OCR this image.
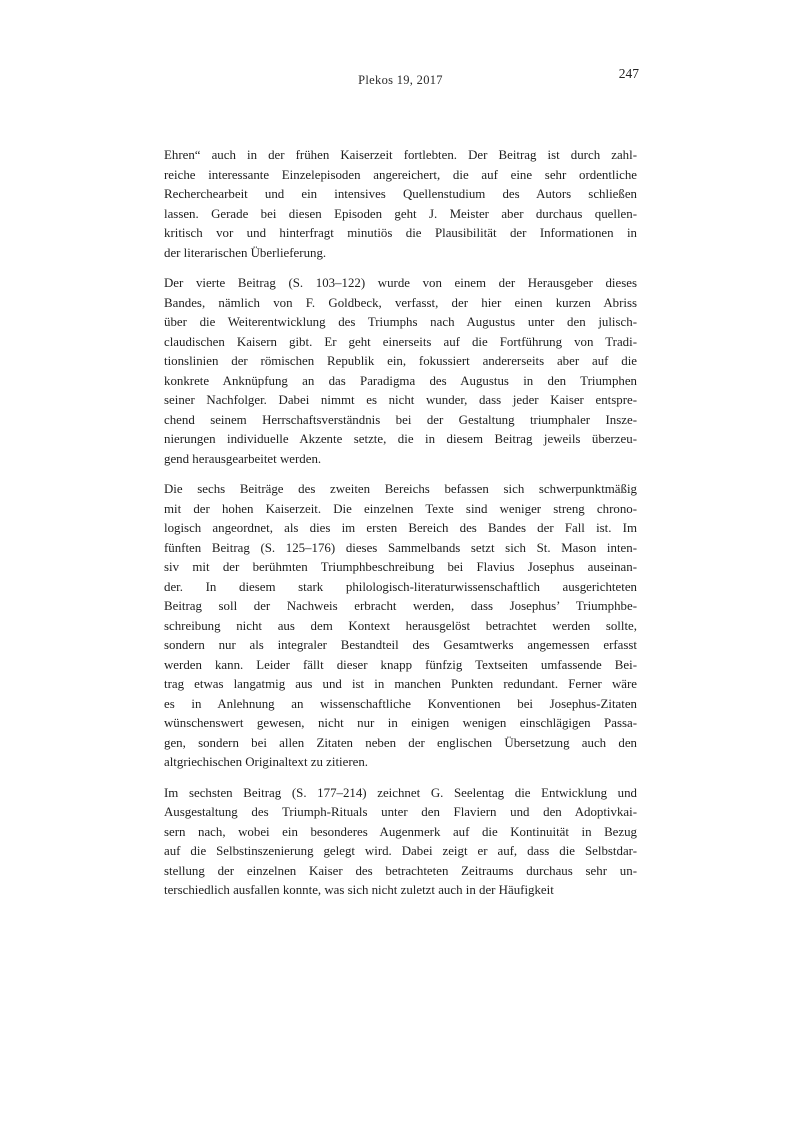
Plekos 19, 2017	247
Ehren“ auch in der frühen Kaiserzeit fortlebten. Der Beitrag ist durch zahl-
reiche interessante Einzelepisoden angereichert, die auf eine sehr ordentliche
Recherchearbeit und ein intensives Quellenstudium des Autors schließen
lassen. Gerade bei diesen Episoden geht J. Meister aber durchaus quellen-
kritisch vor und hinterfragt minutiös die Plausibilität der Informationen in
der literarischen Überlieferung.
Der vierte Beitrag (S. 103–122) wurde von einem der Herausgeber dieses
Bandes, nämlich von F. Goldbeck, verfasst, der hier einen kurzen Abriss
über die Weiterentwicklung des Triumphs nach Augustus unter den julisch-
claudischen Kaisern gibt. Er geht einerseits auf die Fortführung von Tradi-
tionslinien der römischen Republik ein, fokussiert andererseits aber auf die
konkrete Anknüpfung an das Paradigma des Augustus in den Triumphen
seiner Nachfolger. Dabei nimmt es nicht wunder, dass jeder Kaiser entspre-
chend seinem Herrschaftsverständnis bei der Gestaltung triumphaler Insze-
nierungen individuelle Akzente setzte, die in diesem Beitrag jeweils überzeu-
gend herausgearbeitet werden.
Die sechs Beiträge des zweiten Bereichs befassen sich schwerpunktmäßig
mit der hohen Kaiserzeit. Die einzelnen Texte sind weniger streng chrono-
logisch angeordnet, als dies im ersten Bereich des Bandes der Fall ist. Im
fünften Beitrag (S. 125–176) dieses Sammelbands setzt sich St. Mason inten-
siv mit der berühmten Triumphbeschreibung bei Flavius Josephus auseinan-
der. In diesem stark philologisch-literaturwissenschaftlich ausgerichteten
Beitrag soll der Nachweis erbracht werden, dass Josephus’ Triumphbe-
schreibung nicht aus dem Kontext herausgelöst betrachtet werden sollte,
sondern nur als integraler Bestandteil des Gesamtwerks angemessen erfasst
werden kann. Leider fällt dieser knapp fünfzig Textseiten umfassende Bei-
trag etwas langatmig aus und ist in manchen Punkten redundant. Ferner wäre
es in Anlehnung an wissenschaftliche Konventionen bei Josephus-Zitaten
wünschenswert gewesen, nicht nur in einigen wenigen einschlägigen Passa-
gen, sondern bei allen Zitaten neben der englischen Übersetzung auch den
altgriechischen Originaltext zu zitieren.
Im sechsten Beitrag (S. 177–214) zeichnet G. Seelentag die Entwicklung und
Ausgestaltung des Triumph-Rituals unter den Flaviern und den Adoptivkai-
sern nach, wobei ein besonderes Augenmerk auf die Kontinuität in Bezug
auf die Selbstinszenierung gelegt wird. Dabei zeigt er auf, dass die Selbstdar-
stellung der einzelnen Kaiser des betrachteten Zeitraums durchaus sehr un-
terschiedlich ausfallen konnte, was sich nicht zuletzt auch in der Häufigkeit
